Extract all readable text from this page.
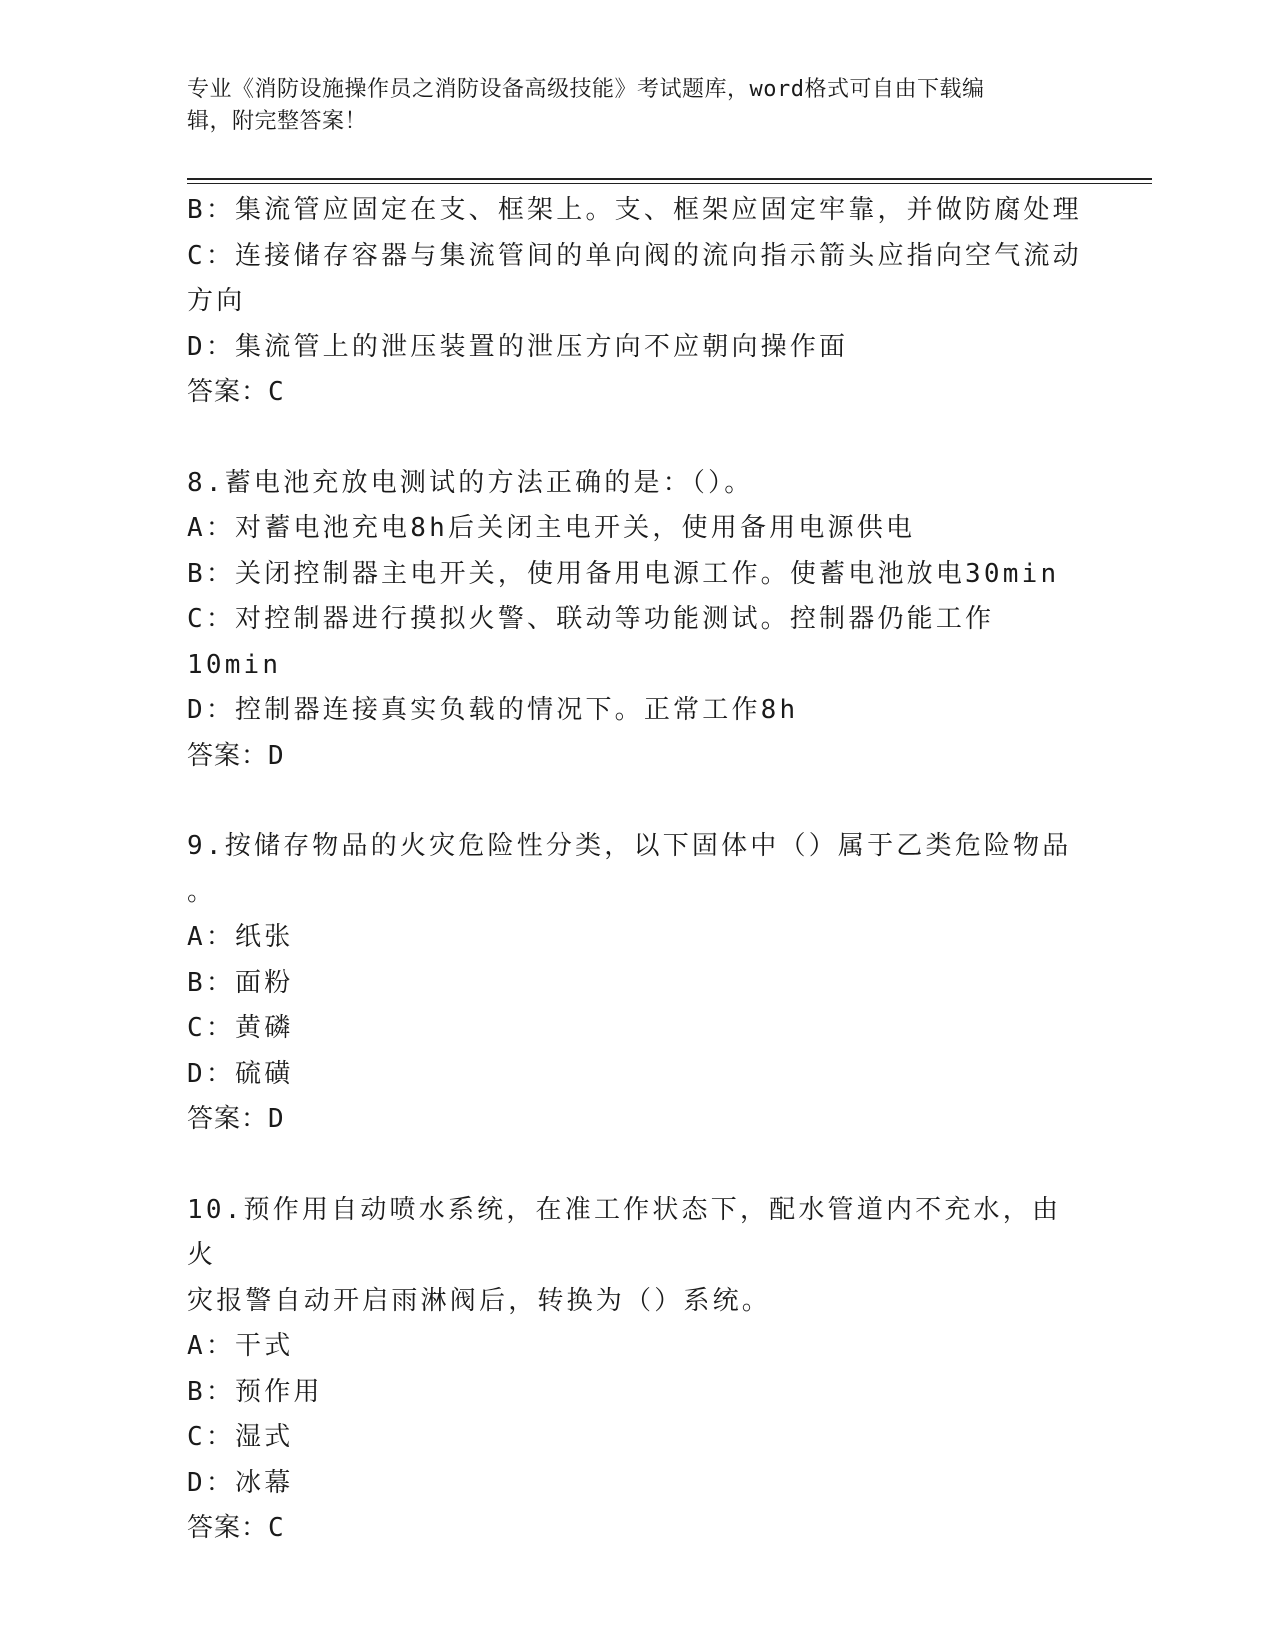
专业《消防设施操作员之消防设备高级技能》考试题库，word格式可自由下载编
辑，附完整答案！
B：集流管应固定在支、框架上。支、框架应固定牢靠，并做防腐处理
C：连接储存容器与集流管间的单向阀的流向指示箭头应指向空气流动
方向
D：集流管上的泄压装置的泄压方向不应朝向操作面
答案：C
8.蓄电池充放电测试的方法正确的是：（）。
A：对蓄电池充电8h后关闭主电开关，使用备用电源供电
B：关闭控制器主电开关，使用备用电源工作。使蓄电池放电30min
C：对控制器进行摸拟火警、联动等功能测试。控制器仍能工作10min
D：控制器连接真实负载的情况下。正常工作8h
答案：D
9.按储存物品的火灾危险性分类，以下固体中（）属于乙类危险物品
。
A：纸张
B：面粉
C：黄磷
D：硫磺
答案：D
10.预作用自动喷水系统，在准工作状态下，配水管道内不充水，由火
灾报警自动开启雨淋阀后，转换为（）系统。
A：干式
B：预作用
C：湿式
D：冰幕
答案：C
